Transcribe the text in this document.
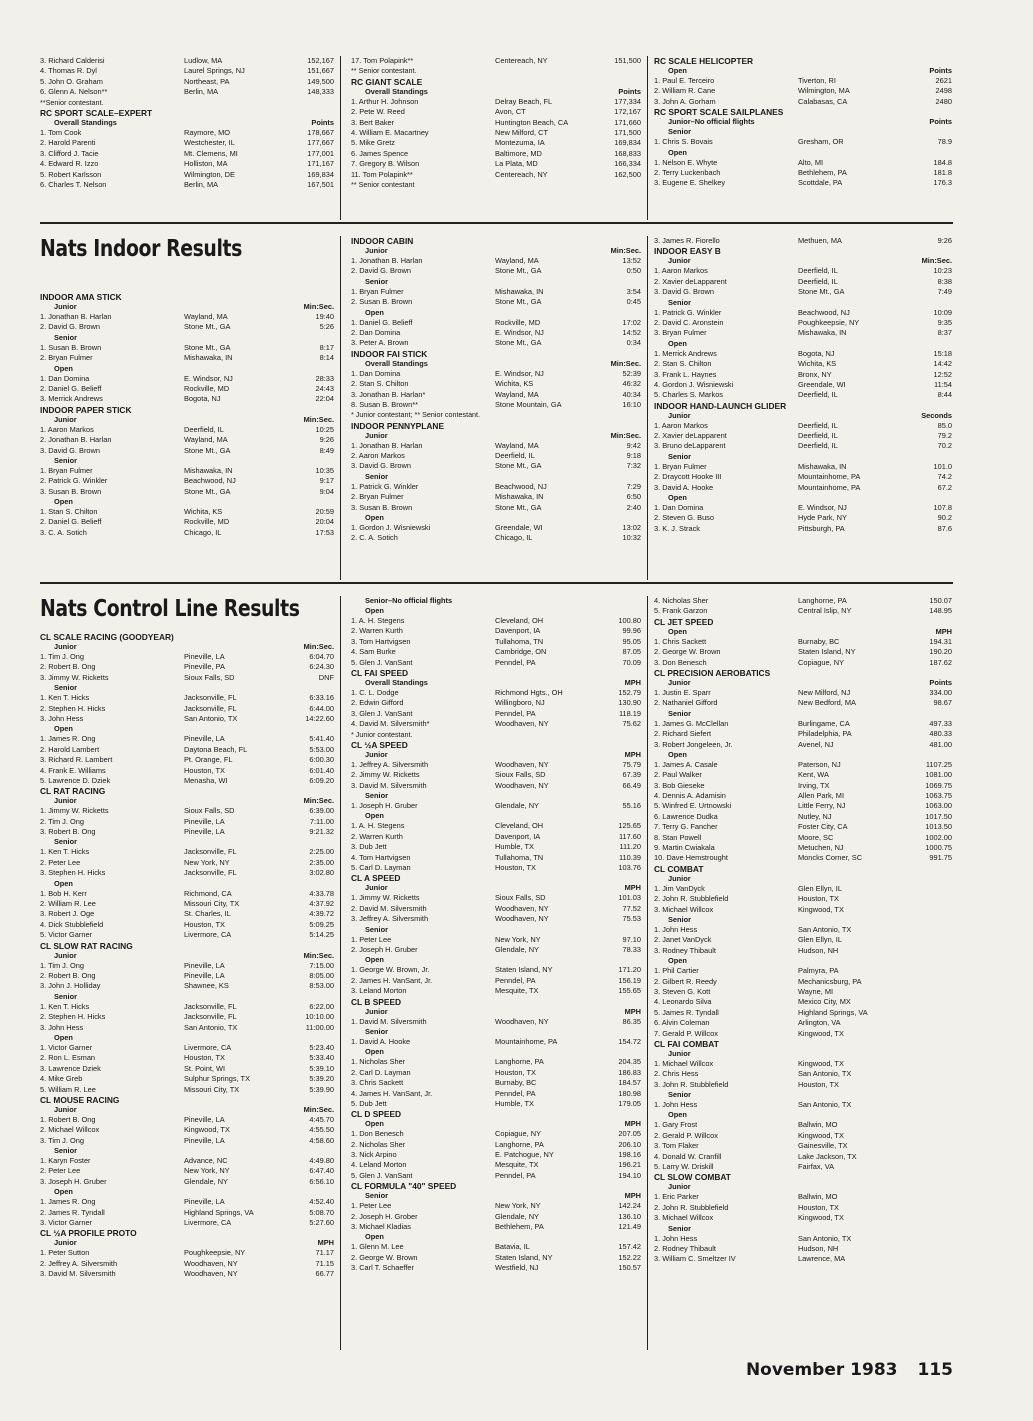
3. Richard Calderisi	Ludlow, MA	152,167
4. Thomas R. Dyl	Laurel Springs, NJ	151,667
5. John O. Graham	Northeast, PA	149,500
6. Glenn A. Nelson**	Berlin, MA	148,333
**Senior contestant.
RC SPORT SCALE–EXPERT
Overall Standings	Points
1. Tom Cook	Raymore, MO	178,667
2. Harold Parenti	Westchester, IL	177,667
3. Clifford J. Tacie	Mt. Clemens, MI	177,001
4. Edward R. Izzo	Holliston, MA	171,167
5. Robert Karlsson	Wilmington, DE	169,834
6. Charles T. Nelson	Berlin, MA	167,501
17. Tom Polapink**	Centereach, NY	151,500
** Senior contestant.
RC GIANT SCALE
Overall Standings	Points
1. Arthur H. Johnson	Delray Beach, FL	177,334
2. Pete W. Reed	Avon, CT	172,167
3. Bert Baker	Huntington Beach, CA	171,660
4. William E. Macartney	New Milford, CT	171,500
5. Mike Gretz	Montezuma, IA	169,834
6. James Spence	Baltimore, MD	168,833
7. Gregory B. Wilson	La Plata, MD	166,334
11. Tom Polapink**	Centereach, NY	162,500
** Senior contestant
RC SCALE HELICOPTER
Open	Points
1. Paul E. Terceiro	Tiverton, RI	2621
2. William R. Cane	Wilmington, MA	2498
3. John A. Gorham	Calabasas, CA	2480
RC SPORT SCALE SAILPLANES
Junior–No official flights	Points
Senior
1. Chris S. Bovais	Gresham, OR	78.9
Open
1. Nelson E. Whyte	Alto, MI	184.8
2. Terry Luckenbach	Bethlehem, PA	181.8
3. Eugene E. Shelkey	Scottdale, PA	176.3
Nats Indoor Results
INDOOR AMA STICK
Junior	Min:Sec.
1. Jonathan B. Harlan	Wayland, MA	19:40
2. David G. Brown	Stone Mt., GA	5:26
Senior
1. Susan B. Brown	Stone Mt., GA	8:17
2. Bryan Fulmer	Mishawaka, IN	8:14
Open
1. Dan Domina	E. Windsor, NJ	28:33
2. Daniel G. Belieff	Rockville, MD	24:43
3. Merrick Andrews	Bogota, NJ	22:04
INDOOR PAPER STICK
Junior	Min:Sec.
1. Aaron Markos	Deerfield, IL	10:25
2. Jonathan B. Harlan	Wayland, MA	9:26
3. David G. Brown	Stone Mt., GA	8:49
Senior
1. Bryan Fulmer	Mishawaka, IN	10:35
2. Patrick G. Winkler	Beachwood, NJ	9:17
3. Susan B. Brown	Stone Mt., GA	9:04
Open
1. Stan S. Chilton	Wichita, KS	20:59
2. Daniel G. Belieff	Rockville, MD	20:04
3. C. A. Sotich	Chicago, IL	17:53
INDOOR CABIN
Junior	Min:Sec.
1. Jonathan B. Harlan	Wayland, MA	13:52
2. David G. Brown	Stone Mt., GA	0:50
Senior
1. Bryan Fulmer	Mishawaka, IN	3:54
2. Susan B. Brown	Stone Mt., GA	0:45
Open
1. Daniel G. Belieff	Rockville, MD	17:02
2. Dan Domina	E. Windsor, NJ	14:52
3. Peter A. Brown	Stone Mt., GA	0:34
INDOOR FAI STICK
Overall Standings	Min:Sec.
1. Dan Domina	E. Windsor, NJ	52:39
2. Stan S. Chilton	Wichita, KS	46:32
3. Jonathan B. Harlan*	Wayland, MA	40:34
8. Susan B. Brown**	Stone Mountain, GA	16:10
* Junior contestant; ** Senior contestant.
INDOOR PENNYPLANE
Junior	Min:Sec.
1. Jonathan B. Harlan	Wayland, MA	9:42
2. Aaron Markos	Deerfield, IL	9:18
3. David G. Brown	Stone Mt., GA	7:32
Senior
1. Patrick G. Winkler	Beachwood, NJ	7:29
2. Bryan Fulmer	Mishawaka, IN	6:50
3. Susan B. Brown	Stone Mt., GA	2:40
Open
1. Gordon J. Wisniewski	Greendale, WI	13:02
2. C. A. Sotich	Chicago, IL	10:32
3. James R. Fiorello	Methuen, MA	9:26
INDOOR EASY B
Junior	Min:Sec.
1. Aaron Markos	Deerfield, IL	10:23
2. Xavier deLapparent	Deerfield, IL	8:38
3. David G. Brown	Stone Mt., GA	7:49
Senior
1. Patrick G. Winkler	Beachwood, NJ	10:09
2. David C. Aronstein	Poughkeepsie, NY	9:35
3. Bryan Fulmer	Mishawaka, IN	8:37
Open
1. Merrick Andrews	Bogota, NJ	15:18
2. Stan S. Chilton	Wichita, KS	14:42
3. Frank L. Haynes	Bronx, NY	12:52
4. Gordon J. Wisniewski	Greendale, WI	11:54
5. Charles S. Markos	Deerfield, IL	8:44
INDOOR HAND-LAUNCH GLIDER
Junior	Seconds
1. Aaron Markos	Deerfield, IL	85.0
2. Xavier deLapparent	Deerfield, IL	79.2
3. Bruno deLapparent	Deerfield, IL	70.2
Senior
1. Bryan Fulmer	Mishawaka, IN	101.0
2. Draycott Hooke III	Mountainhome, PA	74.2
3. David A. Hooke	Mountainhome, PA	67.2
Open
1. Dan Domina	E. Windsor, NJ	107.8
2. Steven G. Buso	Hyde Park, NY	90.2
3. K. J. Strack	Pittsburgh, PA	87.6
Nats Control Line Results
CL SCALE RACING (GOODYEAR)
Junior	Min:Sec.
1. Tim J. Ong	Pineville, LA	6:04.70
2. Robert B. Ong	Pineville, PA	6:24.30
3. Jimmy W. Ricketts	Sioux Falls, SD	DNF
Senior
1. Ken T. Hicks	Jacksonville, FL	6:33.16
2. Stephen H. Hicks	Jacksonville, FL	6:44.00
3. John Hess	San Antonio, TX	14:22.60
Open
1. James R. Ong	Pineville, LA	5:41.40
2. Harold Lambert	Daytona Beach, FL	5:53.00
3. Richard R. Lambert	Pt. Orange, FL	6:00.30
4. Frank E. Williams	Houston, TX	6:01.40
5. Lawrence D. Dziek	Menasha, WI	6:09.20
CL RAT RACING
Junior	Min:Sec.
1. Jimmy W. Ricketts	Sioux Falls, SD	6:39.00
2. Tim J. Ong	Pineville, LA	7:11.00
3. Robert B. Ong	Pineville, LA	9:21.32
Senior
1. Ken T. Hicks	Jacksonville, FL	2:25.00
2. Peter Lee	New York, NY	2:35.00
3. Stephen H. Hicks	Jacksonville, FL	3:02.80
Open
1. Bob H. Kerr	Richmond, CA	4:33.78
2. William R. Lee	Missouri City, TX	4:37.92
3. Robert J. Oge	St. Charles, IL	4:39.72
4. Dick Stubblefield	Houston, TX	5:09.25
5. Victor Garner	Livermore, CA	5:14.25
CL SLOW RAT RACING
Junior	Min:Sec.
1. Tim J. Ong	Pineville, LA	7:15.00
2. Robert B. Ong	Pineville, LA	8:05.00
3. John J. Holliday	Shawnee, KS	8:53.00
Senior
1. Ken T. Hicks	Jacksonville, FL	6:22.00
2. Stephen H. Hicks	Jacksonville, FL	10:10.00
3. John Hess	San Antonio, TX	11:00.00
Open
1. Victor Garner	Livermore, CA	5:23.40
2. Ron L. Esman	Houston, TX	5:33.40
3. Lawrence Dziek	St. Point, WI	5:39.10
4. Mike Greb	Sulphur Springs, TX	5:39.20
5. William R. Lee	Missouri City, TX	5:39.90
CL MOUSE RACING
Junior	Min:Sec.
1. Robert B. Ong	Pineville, LA	4:45.70
2. Michael Willcox	Kingwood, TX	4:55.50
3. Tim J. Ong	Pineville, LA	4:58.60
Senior
1. Karyn Foster	Advance, NC	4:49.80
2. Peter Lee	New York, NY	6:47.40
3. Joseph H. Gruber	Glendale, NY	6:56.10
Open
1. James R. Ong	Pineville, LA	4:52.40
2. James R. Tyndall	Highland Springs, VA	5:08.70
3. Victor Garner	Livermore, CA	5:27.60
CL ½A PROFILE PROTO
Junior	MPH
1. Peter Sutton	Poughkeepsie, NY	71.17
2. Jeffrey A. Silversmith	Woodhaven, NY	71.15
3. David M. Silversmith	Woodhaven, NY	66.77
Senior–No official flights
Open
1. A. H. Stegens	Cleveland, OH	100.80
2. Warren Kurth	Davenport, IA	99.96
3. Tom Hartvigsen	Tullahoma, TN	95.05
4. Sam Burke	Cambridge, ON	87.05
5. Glen J. VanSant	Penndel, PA	70.09
CL FAI SPEED
Overall Standings	MPH
1. C. L. Dodge	Richmond Hgts., OH	152.79
2. Edwin Gifford	Willingboro, NJ	130.90
3. Glen J. VanSant	Penndel, PA	118.19
4. David M. Silversmith*	Woodhaven, NY	75.62
* Junior contestant.
CL ½A SPEED
Junior	MPH
1. Jeffrey A. Silversmith	Woodhaven, NY	75.79
2. Jimmy W. Ricketts	Sioux Falls, SD	67.39
3. David M. Silversmith	Woodhaven, NY	66.49
Senior
1. Joseph H. Gruber	Glendale, NY	55.16
Open
1. A. H. Stegens	Cleveland, OH	125.65
2. Warren Kurth	Davenport, IA	117.60
3. Dub Jett	Humble, TX	111.20
4. Tom Hartvigsen	Tullahoma, TN	110.39
5. Carl D. Layman	Houston, TX	103.76
CL A SPEED
Junior	MPH
1. Jimmy W. Ricketts	Sioux Falls, SD	101.03
2. David M. Silversmith	Woodhaven, NY	77.52
3. Jeffrey A. Silversmith	Woodhaven, NY	75.53
Senior
1. Peter Lee	New York, NY	97.10
2. Joseph H. Gruber	Glendale, NY	78.33
Open
1. George W. Brown, Jr.	Staten Island, NY	171.20
2. James H. VanSant, Jr.	Penndel, PA	156.19
3. Leland Morton	Mesquite, TX	155.65
CL B SPEED
Junior	MPH
1. David M. Silversmith	Woodhaven, NY	86.35
Senior
1. David A. Hooke	Mountainhome, PA	154.72
Open
1. Nicholas Sher	Langhorne, PA	204.35
2. Carl D. Layman	Houston, TX	186.83
3. Chris Sackett	Burnaby, BC	184.57
4. James H. VanSant, Jr.	Penndel, PA	180.98
5. Dub Jett	Humble, TX	179.05
CL D SPEED
Open	MPH
1. Don Benesch	Copiague, NY	207.05
2. Nicholas Sher	Langhorne, PA	206.10
3. Nick Arpino	E. Patchogue, NY	198.16
4. Leland Morton	Mesquite, TX	196.21
5. Glen J. VanSant	Penndel, PA	194.10
CL FORMULA "40" SPEED
Senior	MPH
1. Peter Lee	New York, NY	142.24
2. Joseph H. Grober	Glendale, NY	136.10
3. Michael Kladias	Bethlehem, PA	121.49
Open
1. Glenn M. Lee	Batavia, IL	157.42
2. George W. Brown	Staten Island, NY	152.22
3. Carl T. Schaeffer	Westfield, NJ	150.57
4. Nicholas Sher	Langhorne, PA	150.07
5. Frank Garzon	Central Islip, NY	148.95
CL JET SPEED
Open	MPH
1. Chris Sackett	Burnaby, BC	194.31
2. George W. Brown	Staten Island, NY	190.20
3. Don Benesch	Copiague, NY	187.62
CL PRECISION AEROBATICS
Junior	Points
1. Justin E. Sparr	New Milford, NJ	334.00
2. Nathaniel Gifford	New Bedford, MA	98.67
Senior
1. James G. McClellan	Burlingame, CA	497.33
2. Richard Siefert	Philadelphia, PA	480.33
3. Robert Jongeleen, Jr.	Avenel, NJ	481.00
Open
1. James A. Casale	Paterson, NJ	1107.25
2. Paul Walker	Kent, WA	1081.00
3. Bob Gieseke	Irving, TX	1069.75
4. Dennis A. Adamisin	Allen Park, MI	1063.75
5. Winfred E. Urtnowski	Little Ferry, NJ	1063.00
6. Lawrence Dudka	Nutley, NJ	1017.50
7. Terry G. Fancher	Foster City, CA	1013.50
8. Stan Powell	Moore, SC	1002.00
9. Martin Cwiakala	Metuchen, NJ	1000.75
10. Dave Hemstrought	Moncks Corner, SC	991.75
CL COMBAT
Junior
1. Jim VanDyck	Glen Ellyn, IL
2. John R. Stubblefield	Houston, TX
3. Michael Willcox	Kingwood, TX
Senior
1. John Hess	San Antonio, TX
2. Janet VanDyck	Glen Ellyn, IL
3. Rodney Thibault	Hudson, NH
Open
1. Phil Cartier	Palmyra, PA
2. Gilbert R. Reedy	Mechanicsburg, PA
3. Steven G. Kott	Wayne, MI
4. Leonardo Silva	Mexico City, MX
5. James R. Tyndall	Highland Springs, VA
6. Alvin Coleman	Arlington, VA
7. Gerald P. Willcox	Kingwood, TX
CL FAI COMBAT
Junior
1. Michael Willcox	Kingwood, TX
2. Chris Hess	San Antonio, TX
3. John R. Stubblefield	Houston, TX
Senior
1. John Hess	San Antonio, TX
Open
1. Gary Frost	Ballwin, MO
2. Gerald P. Willcox	Kingwood, TX
3. Tom Flaker	Gainesville, TX
4. Donald W. Cranfill	Lake Jackson, TX
5. Larry W. Driskill	Fairfax, VA
CL SLOW COMBAT
Junior
1. Eric Parker	Ballwin, MO
2. John R. Stubblefield	Houston, TX
3. Michael Willcox	Kingwood, TX
Senior
1. John Hess	San Antonio, TX
2. Rodney Thibault	Hudson, NH
3. William C. Smeltzer IV	Lawrence, MA
November 1983 115
